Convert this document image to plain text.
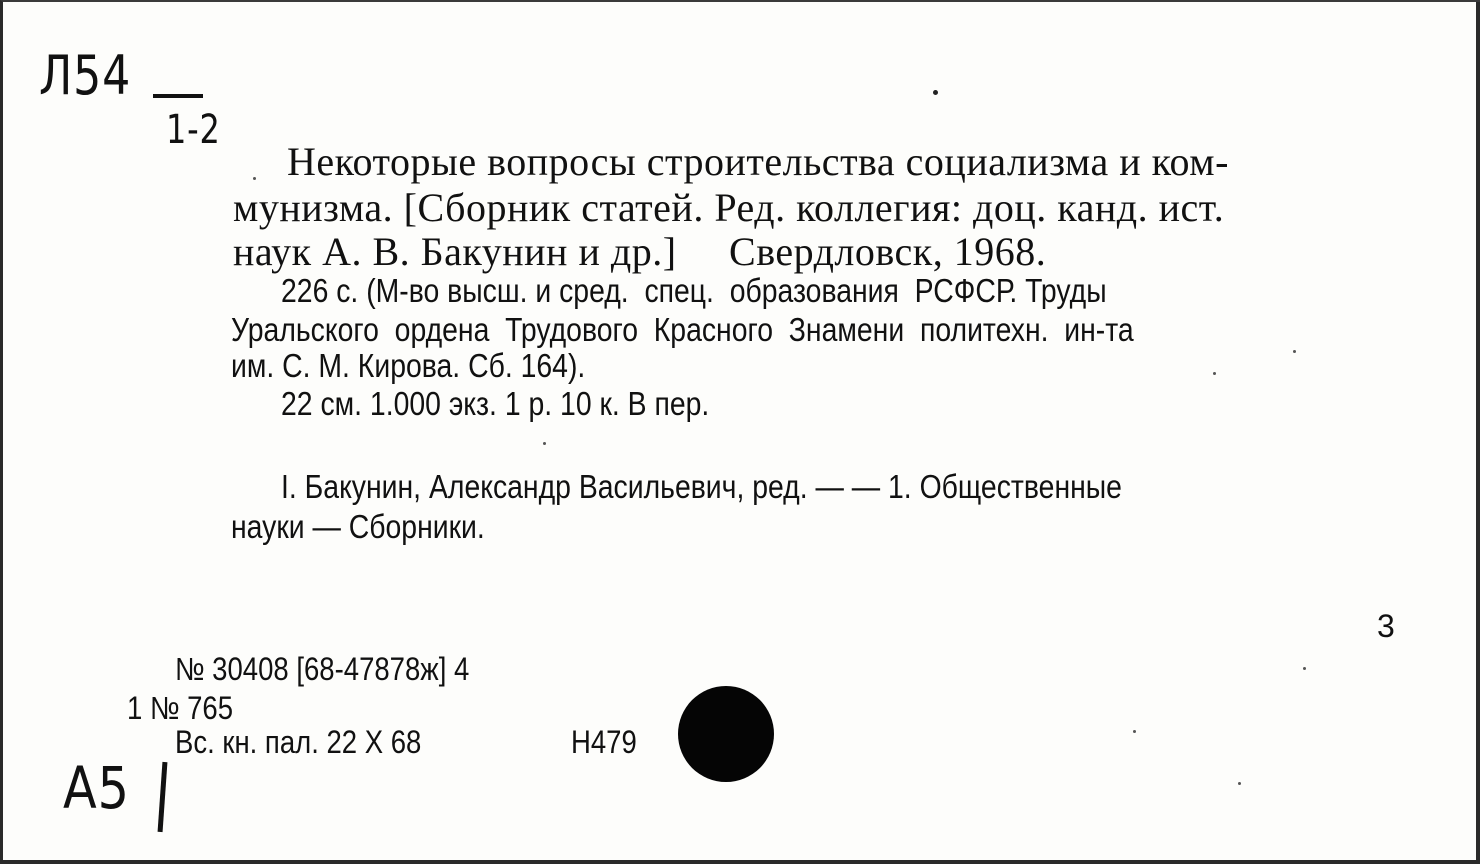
Л54
1-2
Некоторые вопросы строительства социализма и ком-
мунизма. [Сборник статей. Ред. коллегия: доц. канд. ист.
наук А. В. Бакунин и др.]     Свердловск, 1968.
226 с. (М-во высш. и сред.  спец.  образования  РСФСР. Труды
Уральского  ордена  Трудового  Красного  Знамени  политехн.  ин-та
им. С. М. Кирова. Сб. 164).
22 см. 1.000 экз. 1 р. 10 к. В пер.
I. Бакунин, Александр Васильевич, ред. — — 1. Общественные
науки — Сборники.
3
№ 30408 [68-47878ж] 4
1 № 765
Вс. кн. пал. 22 Х 68	Н479
А5
